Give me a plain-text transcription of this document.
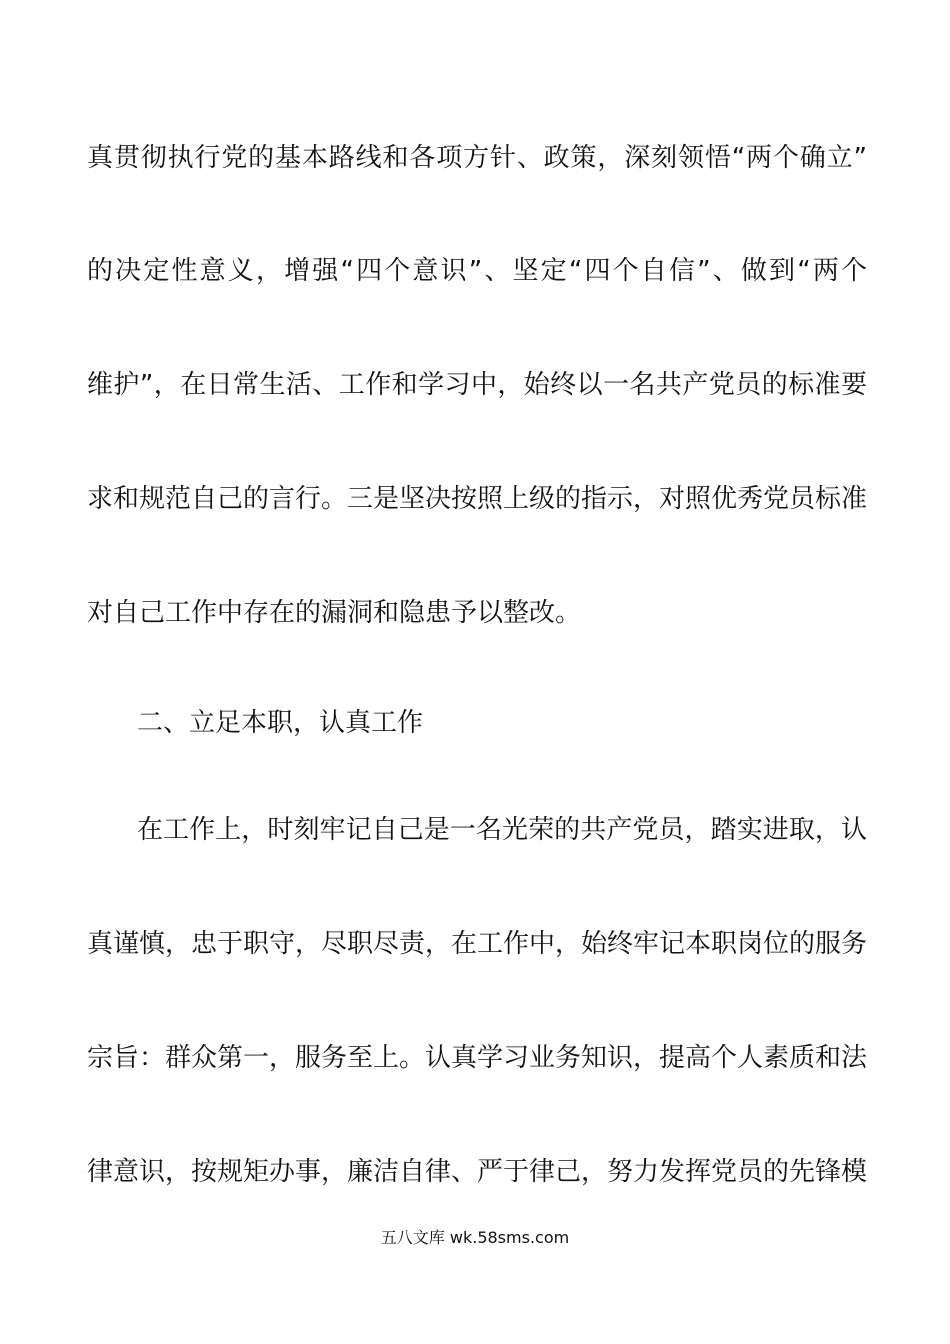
真贯彻执行党的基本路线和各项方针、政策，深刻领悟“两个确立”
的决定性意义，增强“四个意识”、坚定“四个自信”、做到“两个
维护”，在日常生活、工作和学习中，始终以一名共产党员的标准要
求和规范自己的言行。三是坚决按照上级的指示，对照优秀党员标准
对自己工作中存在的漏洞和隐患予以整改。
二、立足本职，认真工作
在工作上，时刻牢记自己是一名光荣的共产党员，踏实进取，认
真谨慎，忠于职守，尽职尽责，在工作中，始终牢记本职岗位的服务
宗旨：群众第一，服务至上。认真学习业务知识，提高个人素质和法
律意识，按规矩办事，廉洁自律、严于律己，努力发挥党员的先锋模
五八文库 wk.58sms.com
